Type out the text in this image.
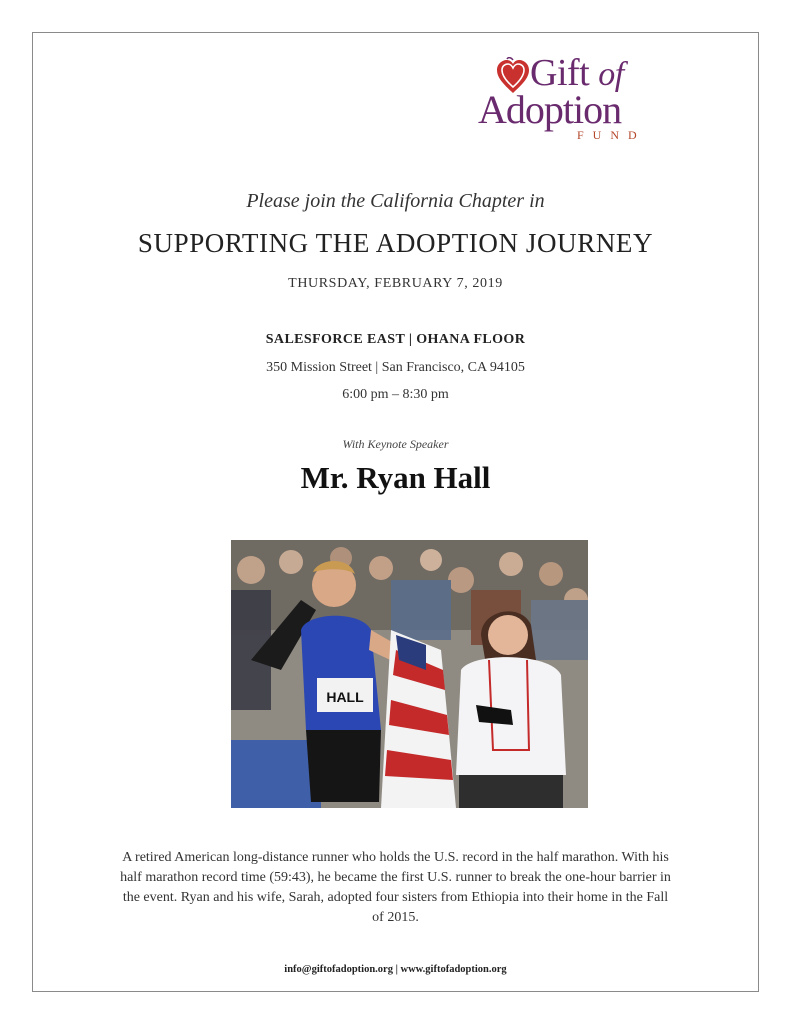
Gift of
Adoption
FUND
Please join the California Chapter in
SUPPORTING THE ADOPTION JOURNEY
THURSDAY, FEBRUARY 7, 2019
SALESFORCE EAST | OHANA FLOOR
350 Mission Street | San Francisco, CA 94105
6:00 pm – 8:30 pm
With Keynote Speaker
Mr. Ryan Hall
HALL
A retired American long-distance runner who holds the U.S. record in the half marathon. With his half marathon record time (59:43), he became the first U.S. runner to break the one-hour barrier in the event. Ryan and his wife, Sarah, adopted four sisters from Ethiopia into their home in the Fall of 2015.
info@giftofadoption.org | www.giftofadoption.org
